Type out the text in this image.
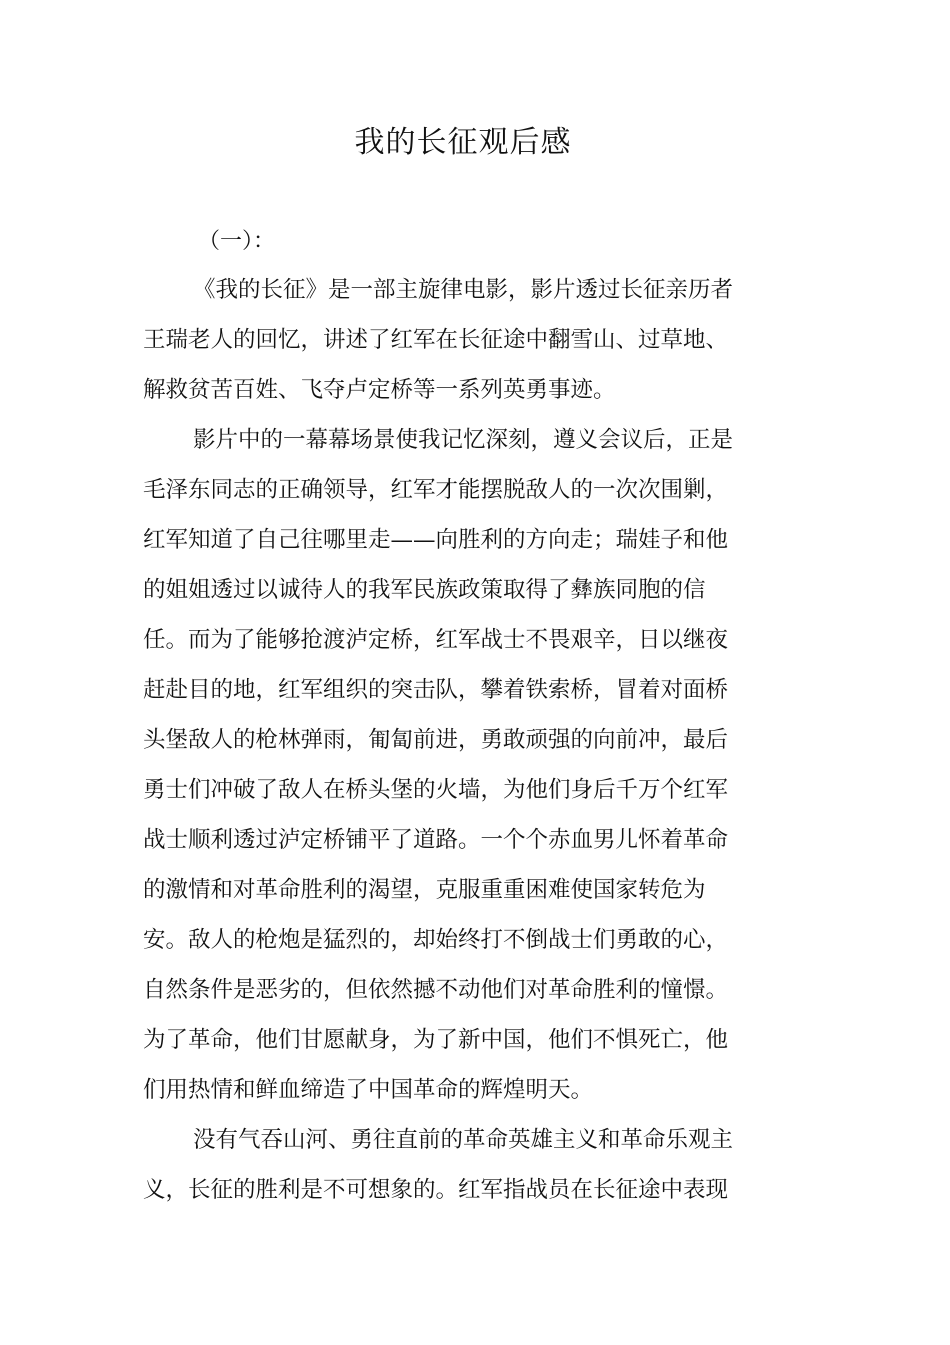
我的长征观后感

（一）：

《我的长征》是一部主旋律电影，影片透过长征亲历者

王瑞老人的回忆，讲述了红军在长征途中翻雪山、过草地、

解救贫苦百姓、飞夺卢定桥等一系列英勇事迹。

影片中的一幕幕场景使我记忆深刻，遵义会议后，正是

毛泽东同志的正确领导，红军才能摆脱敌人的一次次围剿，

红军知道了自己往哪里走——向胜利的方向走；瑞娃子和他

的姐姐透过以诚待人的我军民族政策取得了彝族同胞的信

任。而为了能够抢渡泸定桥，红军战士不畏艰辛，日以继夜

赶赴目的地，红军组织的突击队，攀着铁索桥，冒着对面桥

头堡敌人的枪林弹雨，匍匐前进，勇敢顽强的向前冲，最后

勇士们冲破了敌人在桥头堡的火墙，为他们身后千万个红军

战士顺利透过泸定桥铺平了道路。一个个赤血男儿怀着革命

的激情和对革命胜利的渴望，克服重重困难使国家转危为

安。敌人的枪炮是猛烈的，却始终打不倒战士们勇敢的心，

自然条件是恶劣的，但依然撼不动他们对革命胜利的憧憬。

为了革命，他们甘愿献身，为了新中国，他们不惧死亡，他

们用热情和鲜血缔造了中国革命的辉煌明天。

没有气吞山河、勇往直前的革命英雄主义和革命乐观主

义，长征的胜利是不可想象的。红军指战员在长征途中表现
